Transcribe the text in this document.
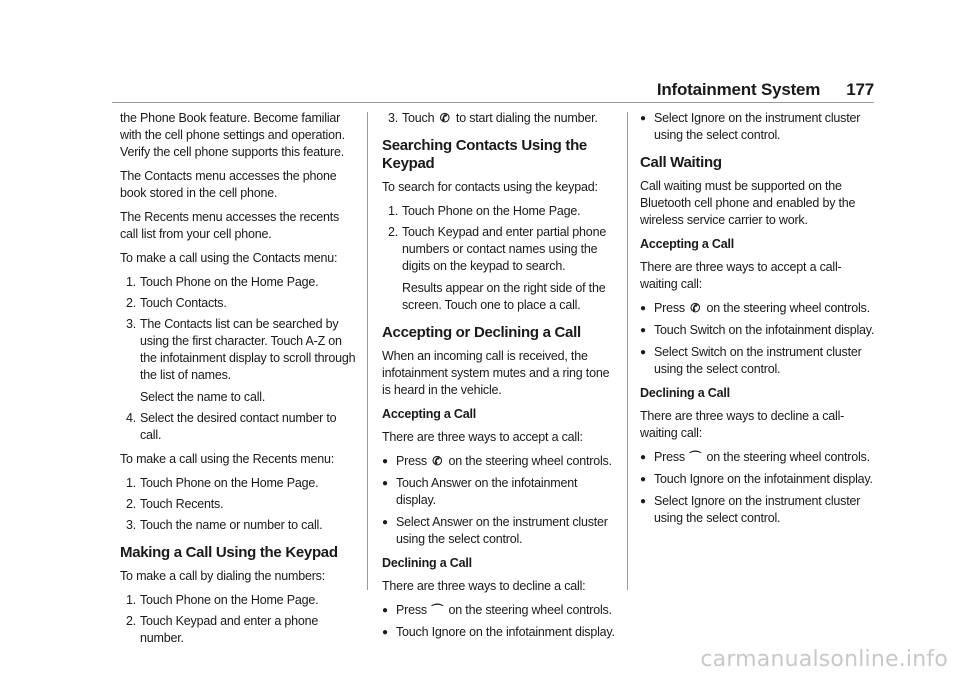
Infotainment System 177

the Phone Book feature. Become familiar with the cell phone settings and operation. Verify the cell phone supports this feature.

The Contacts menu accesses the phone book stored in the cell phone.

The Recents menu accesses the recents call list from your cell phone.

To make a call using the Contacts menu:

1. Touch Phone on the Home Page.
2. Touch Contacts.
3. The Contacts list can be searched by using the first character. Touch A-Z on the infotainment display to scroll through the list of names.
Select the name to call.
4. Select the desired contact number to call.

To make a call using the Recents menu:

1. Touch Phone on the Home Page.
2. Touch Recents.
3. Touch the name or number to call.
Making a Call Using the Keypad

To make a call by dialing the numbers:

1. Touch Phone on the Home Page.
2. Touch Keypad and enter a phone number.
3. Touch ✆ to start dialing the number.
Searching Contacts Using the Keypad

To search for contacts using the keypad:

1. Touch Phone on the Home Page.
2. Touch Keypad and enter partial phone numbers or contact names using the digits on the keypad to search.
Results appear on the right side of the screen. Touch one to place a call.
Accepting or Declining a Call

When an incoming call is received, the infotainment system mutes and a ring tone is heard in the vehicle.

Accepting a Call

There are three ways to accept a call:

● Press ✆ on the steering wheel controls.
● Touch Answer on the infotainment display.
● Select Answer on the instrument cluster using the select control.
Declining a Call

There are three ways to decline a call:

● Press ⌒ on the steering wheel controls.
● Touch Ignore on the infotainment display.
● Select Ignore on the instrument cluster using the select control.
Call Waiting

Call waiting must be supported on the Bluetooth cell phone and enabled by the wireless service carrier to work.

Accepting a Call

There are three ways to accept a call-waiting call:

● Press ✆ on the steering wheel controls.
● Touch Switch on the infotainment display.
● Select Switch on the instrument cluster using the select control.
Declining a Call

There are three ways to decline a call-waiting call:

● Press ⌒ on the steering wheel controls.
● Touch Ignore on the infotainment display.
● Select Ignore on the instrument cluster using the select control.
carmanualsonline.info
